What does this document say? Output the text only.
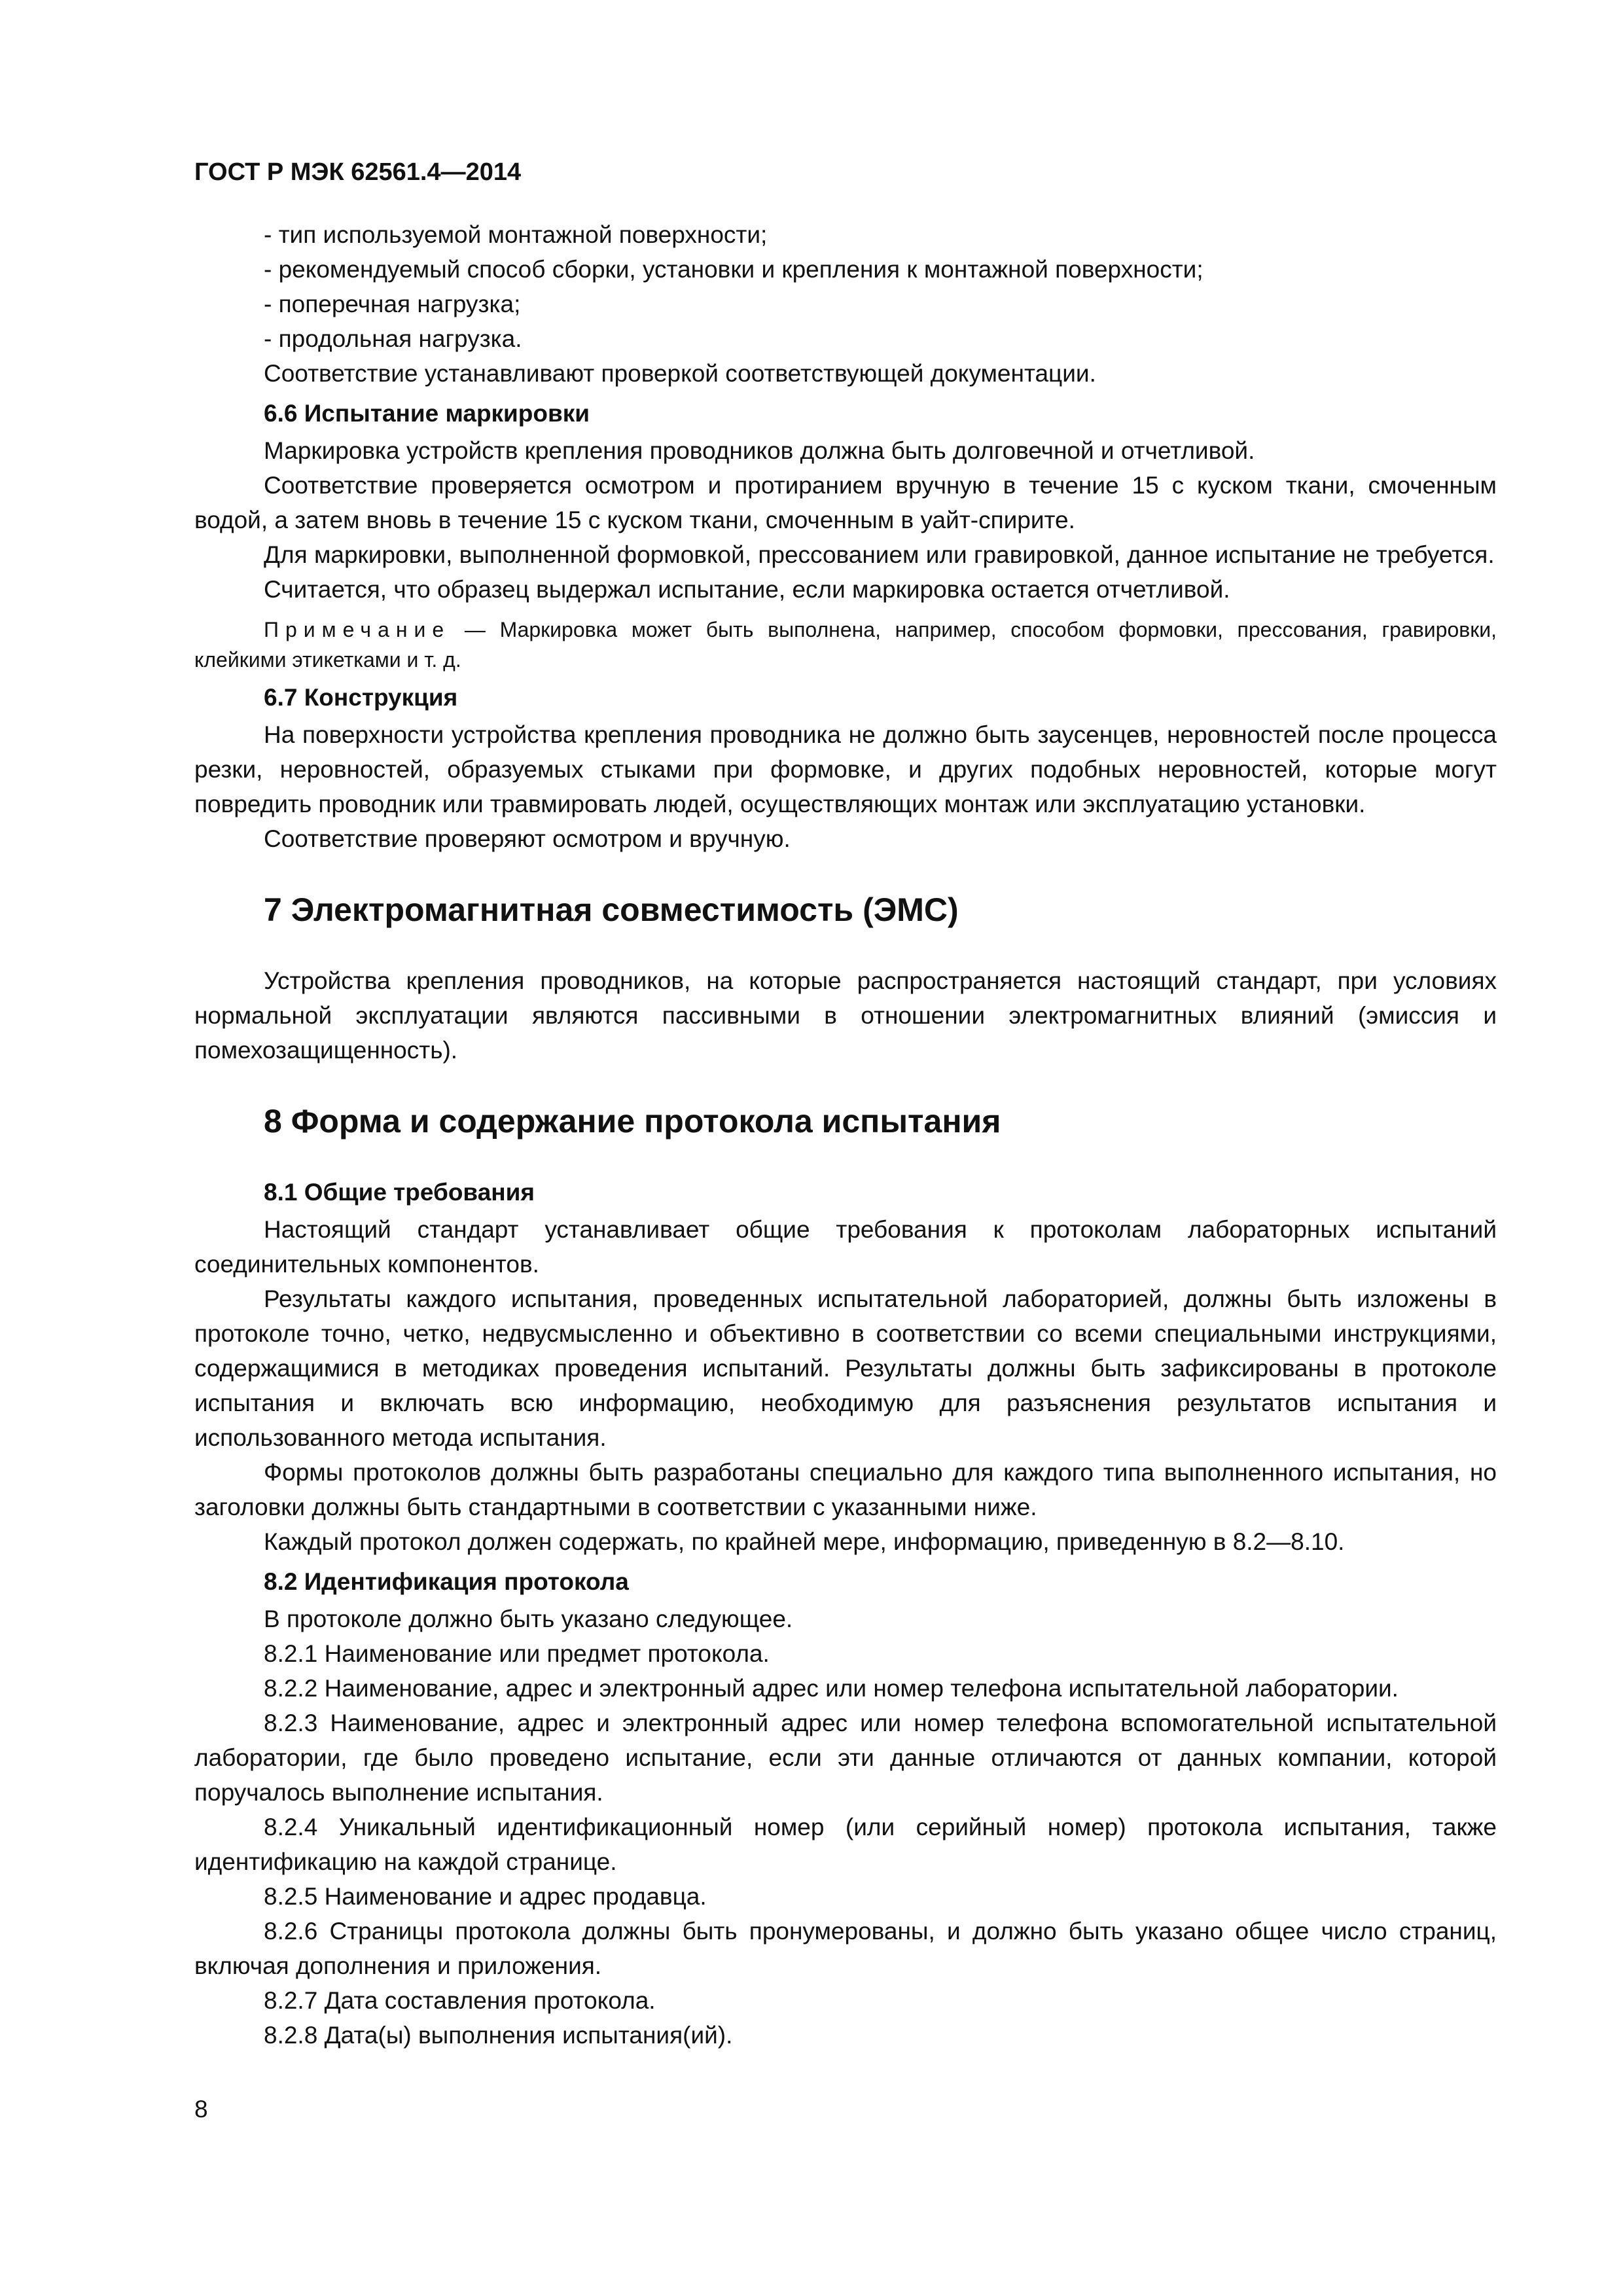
ГОСТ Р МЭК 62561.4—2014

- тип используемой монтажной поверхности;

- рекомендуемый способ сборки, установки и крепления к монтажной поверхности;

- поперечная нагрузка;

- продольная нагрузка.

Соответствие устанавливают проверкой соответствующей документации.

6.6 Испытание маркировки

Маркировка устройств крепления проводников должна быть долговечной и отчетливой.

Соответствие проверяется осмотром и протиранием вручную в течение 15 с куском ткани, смоченным водой, а затем вновь в течение 15 с куском ткани, смоченным в уайт-спирите.

Для маркировки, выполненной формовкой, прессованием или гравировкой, данное испытание не требуется.

Считается, что образец выдержал испытание, если маркировка остается отчетливой.

Примечание — Маркировка может быть выполнена, например, способом формовки, прессования, гравировки, клейкими этикетками и т. д.

6.7 Конструкция

На поверхности устройства крепления проводника не должно быть заусенцев, неровностей после процесса резки, неровностей, образуемых стыками при формовке, и других подобных неровностей, которые могут повредить проводник или травмировать людей, осуществляющих монтаж или эксплуатацию установки.

Соответствие проверяют осмотром и вручную.

7 Электромагнитная совместимость (ЭМС)

Устройства крепления проводников, на которые распространяется настоящий стандарт, при условиях нормальной эксплуатации являются пассивными в отношении электромагнитных влияний (эмиссия и помехозащищенность).

8 Форма и содержание протокола испытания
8.1 Общие требования

Настоящий стандарт устанавливает общие требования к протоколам лабораторных испытаний соединительных компонентов.

Результаты каждого испытания, проведенных испытательной лабораторией, должны быть изложены в протоколе точно, четко, недвусмысленно и объективно в соответствии со всеми специальными инструкциями, содержащимися в методиках проведения испытаний. Результаты должны быть зафиксированы в протоколе испытания и включать всю информацию, необходимую для разъяснения результатов испытания и использованного метода испытания.

Формы протоколов должны быть разработаны специально для каждого типа выполненного испытания, но заголовки должны быть стандартными в соответствии с указанными ниже.

Каждый протокол должен содержать, по крайней мере, информацию, приведенную в 8.2—8.10.

8.2 Идентификация протокола

В протоколе должно быть указано следующее.

8.2.1 Наименование или предмет протокола.

8.2.2 Наименование, адрес и электронный адрес или номер телефона испытательной лаборатории.

8.2.3 Наименование, адрес и электронный адрес или номер телефона вспомогательной испытательной лаборатории, где было проведено испытание, если эти данные отличаются от данных компании, которой поручалось выполнение испытания.

8.2.4 Уникальный идентификационный номер (или серийный номер) протокола испытания, также идентификацию на каждой странице.

8.2.5 Наименование и адрес продавца.

8.2.6 Страницы протокола должны быть пронумерованы, и должно быть указано общее число страниц, включая дополнения и приложения.

8.2.7 Дата составления протокола.

8.2.8 Дата(ы) выполнения испытания(ий).

8
